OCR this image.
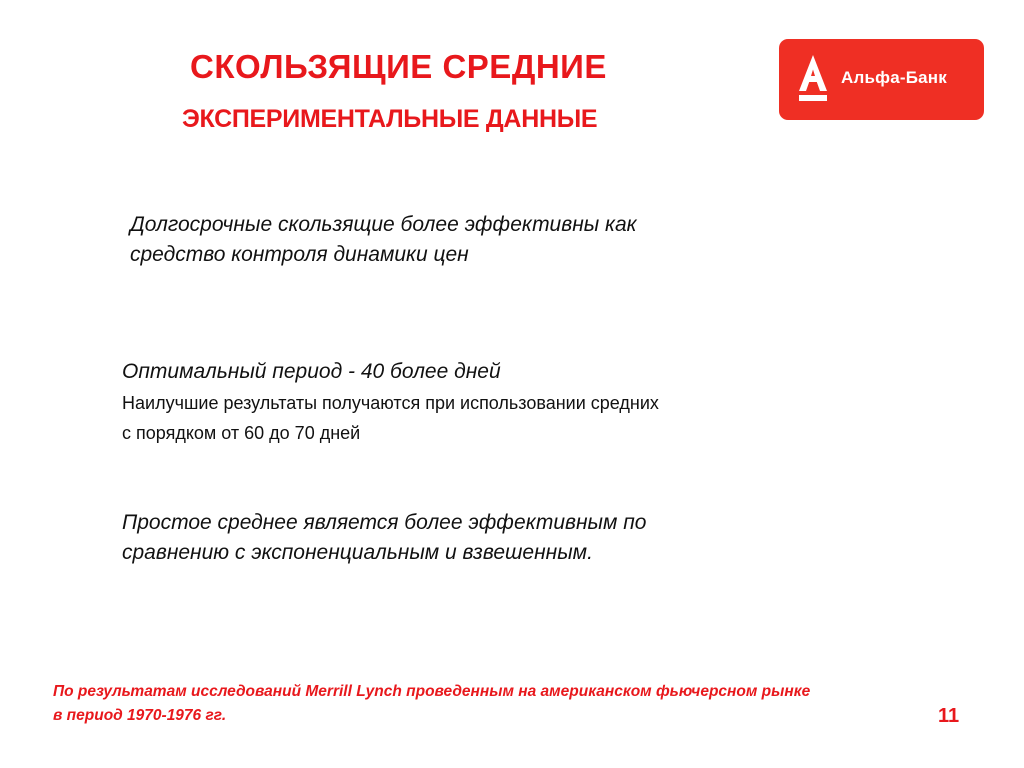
СКОЛЬЗЯЩИЕ СРЕДНИЕ
ЭКСПЕРИМЕНТАЛЬНЫЕ ДАННЫЕ
Альфа-Банк
Долгосрочные скользящие более эффективны как
средство контроля динамики цен
Оптимальный период - 40 более дней
Наилучшие результаты получаются при использовании средних
с порядком от 60 до 70 дней
Простое среднее является более эффективным по
сравнению с экспоненциальным и взвешенным.
По результатам исследований Merrill Lynch проведенным на американском фьючерсном рынке
в период 1970-1976 гг.	11
